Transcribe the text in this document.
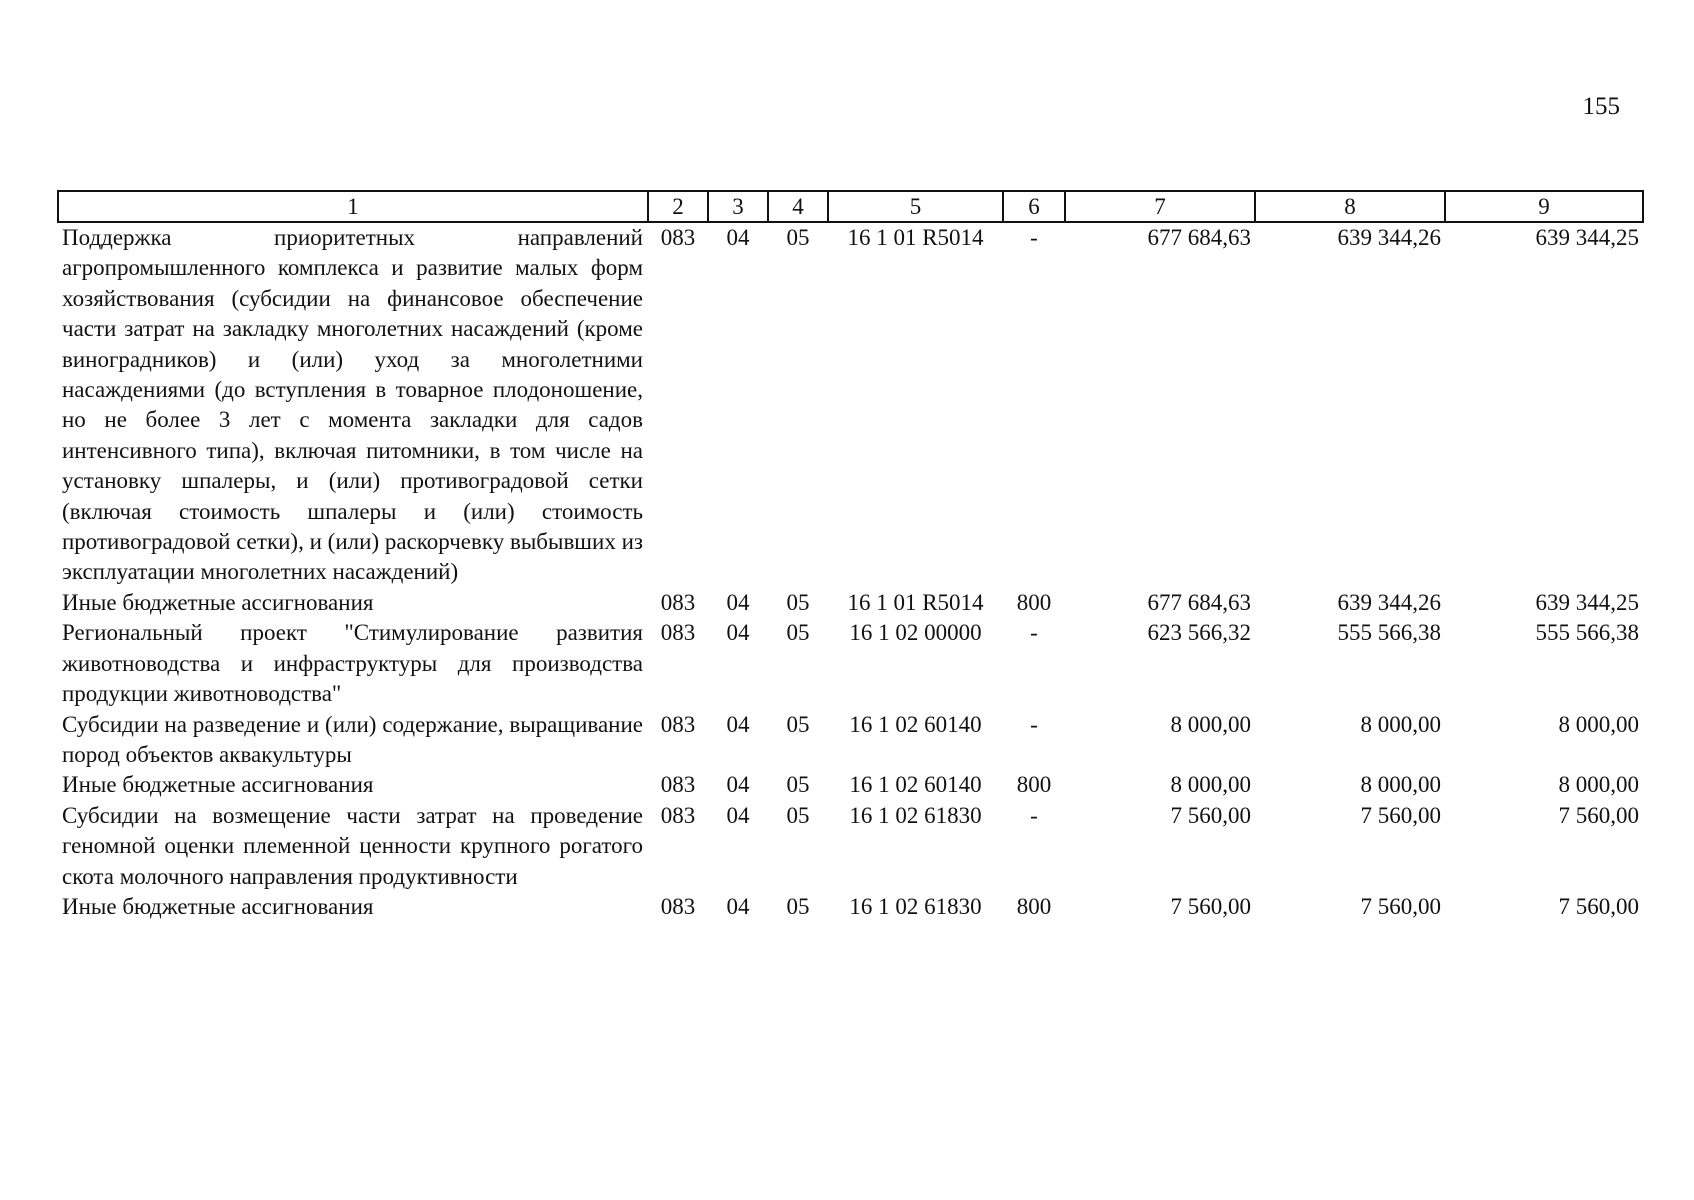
155
1	2	3	4	5	6	7	8	9
Поддержка приоритетных направлений агропромышленного комплекса и развитие малых форм хозяйствования (субсидии на финансовое обеспечение части затрат на закладку многолетних насаждений (кроме виноградников) и (или) уход за многолетними насаждениями (до вступления в товарное плодоношение, но не более 3 лет с момента закладки для садов интенсивного типа), включая питомники, в том числе на установку шпалеры, и (или) противоградовой сетки (включая стоимость шпалеры и (или) стоимость противоградовой сетки), и (или) раскорчевку выбывших из эксплуатации многолетних насаждений)	083	04	05	16 1 01 R5014	-	677 684,63	639 344,26	639 344,25
Иные бюджетные ассигнования	083	04	05	16 1 01 R5014	800	677 684,63	639 344,26	639 344,25
Региональный проект "Стимулирование развития животноводства и инфраструктуры для производства продукции животноводства"	083	04	05	16 1 02 00000	-	623 566,32	555 566,38	555 566,38
Субсидии на разведение и (или) содержание, выращивание пород объектов аквакультуры	083	04	05	16 1 02 60140	-	8 000,00	8 000,00	8 000,00
Иные бюджетные ассигнования	083	04	05	16 1 02 60140	800	8 000,00	8 000,00	8 000,00
Субсидии на возмещение части затрат на проведение геномной оценки племенной ценности крупного рогатого скота молочного направления продуктивности	083	04	05	16 1 02 61830	-	7 560,00	7 560,00	7 560,00
Иные бюджетные ассигнования	083	04	05	16 1 02 61830	800	7 560,00	7 560,00	7 560,00
